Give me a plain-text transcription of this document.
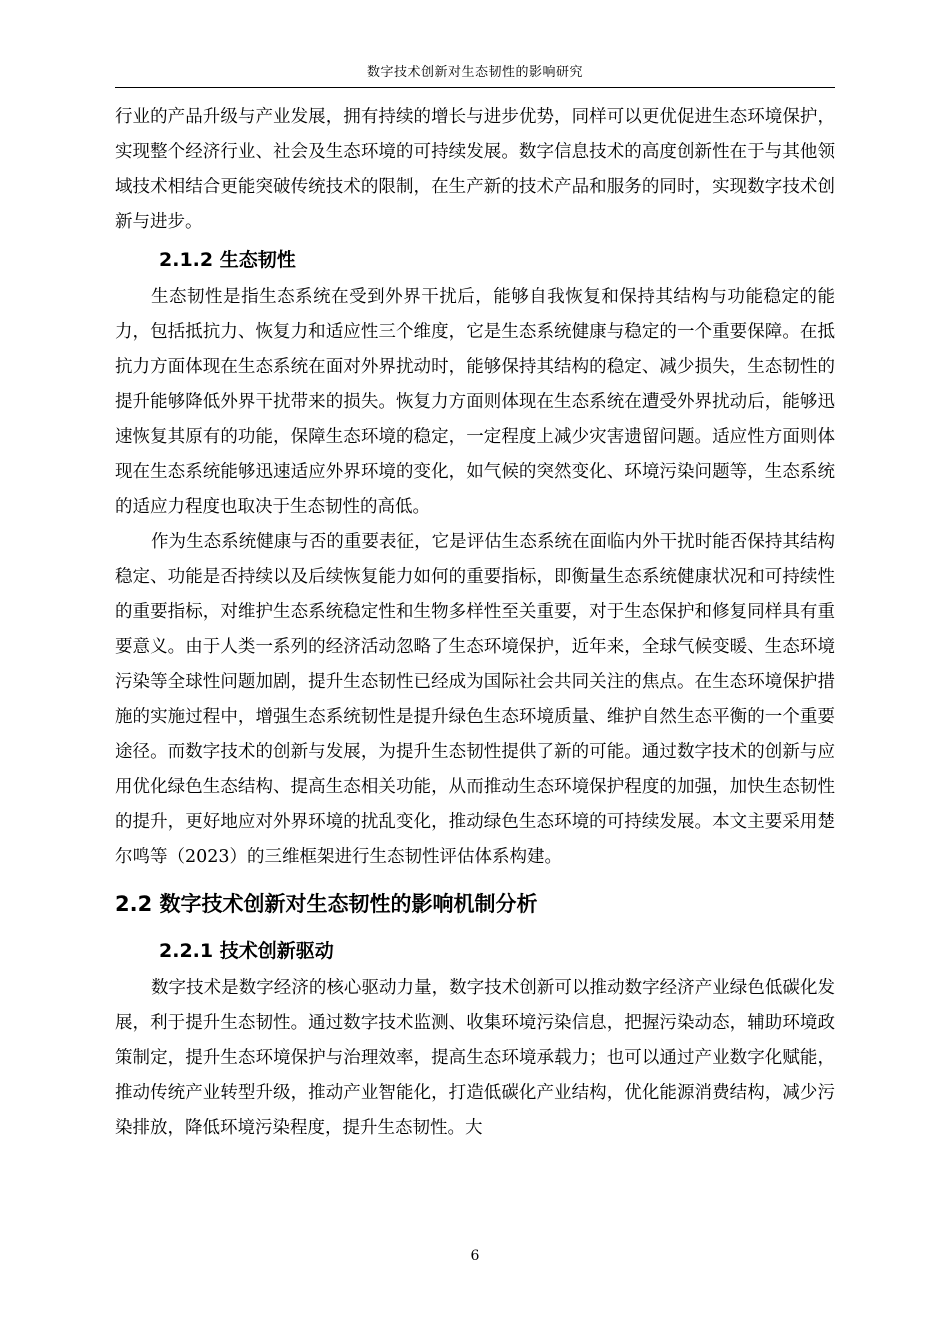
数字技术创新对生态韧性的影响研究

行业的产品升级与产业发展，拥有持续的增长与进步优势，同样可以更优促进生态环境保护，实现整个经济行业、社会及生态环境的可持续发展。数字信息技术的高度创新性在于与其他领域技术相结合更能突破传统技术的限制，在生产新的技术产品和服务的同时，实现数字技术创新与进步。

2.1.2 生态韧性

生态韧性是指生态系统在受到外界干扰后，能够自我恢复和保持其结构与功能稳定的能力，包括抵抗力、恢复力和适应性三个维度，它是生态系统健康与稳定的一个重要保障。在抵抗力方面体现在生态系统在面对外界扰动时，能够保持其结构的稳定、减少损失，生态韧性的提升能够降低外界干扰带来的损失。恢复力方面则体现在生态系统在遭受外界扰动后，能够迅速恢复其原有的功能，保障生态环境的稳定，一定程度上减少灾害遗留问题。适应性方面则体现在生态系统能够迅速适应外界环境的变化，如气候的突然变化、环境污染问题等，生态系统的适应力程度也取决于生态韧性的高低。

作为生态系统健康与否的重要表征，它是评估生态系统在面临内外干扰时能否保持其结构稳定、功能是否持续以及后续恢复能力如何的重要指标，即衡量生态系统健康状况和可持续性的重要指标，对维护生态系统稳定性和生物多样性至关重要，对于生态保护和修复同样具有重要意义。由于人类一系列的经济活动忽略了生态环境保护，近年来，全球气候变暖、生态环境污染等全球性问题加剧，提升生态韧性已经成为国际社会共同关注的焦点。在生态环境保护措施的实施过程中，增强生态系统韧性是提升绿色生态环境质量、维护自然生态平衡的一个重要途径。而数字技术的创新与发展，为提升生态韧性提供了新的可能。通过数字技术的创新与应用优化绿色生态结构、提高生态相关功能，从而推动生态环境保护程度的加强，加快生态韧性的提升，更好地应对外界环境的扰乱变化，推动绿色生态环境的可持续发展。本文主要采用楚尔鸣等（2023）的三维框架进行生态韧性评估体系构建。

2.2 数字技术创新对生态韧性的影响机制分析
2.2.1 技术创新驱动

数字技术是数字经济的核心驱动力量，数字技术创新可以推动数字经济产业绿色低碳化发展，利于提升生态韧性。通过数字技术监测、收集环境污染信息，把握污染动态，辅助环境政策制定，提升生态环境保护与治理效率，提高生态环境承载力；也可以通过产业数字化赋能，推动传统产业转型升级，推动产业智能化，打造低碳化产业结构，优化能源消费结构，减少污染排放，降低环境污染程度，提升生态韧性。大

6
